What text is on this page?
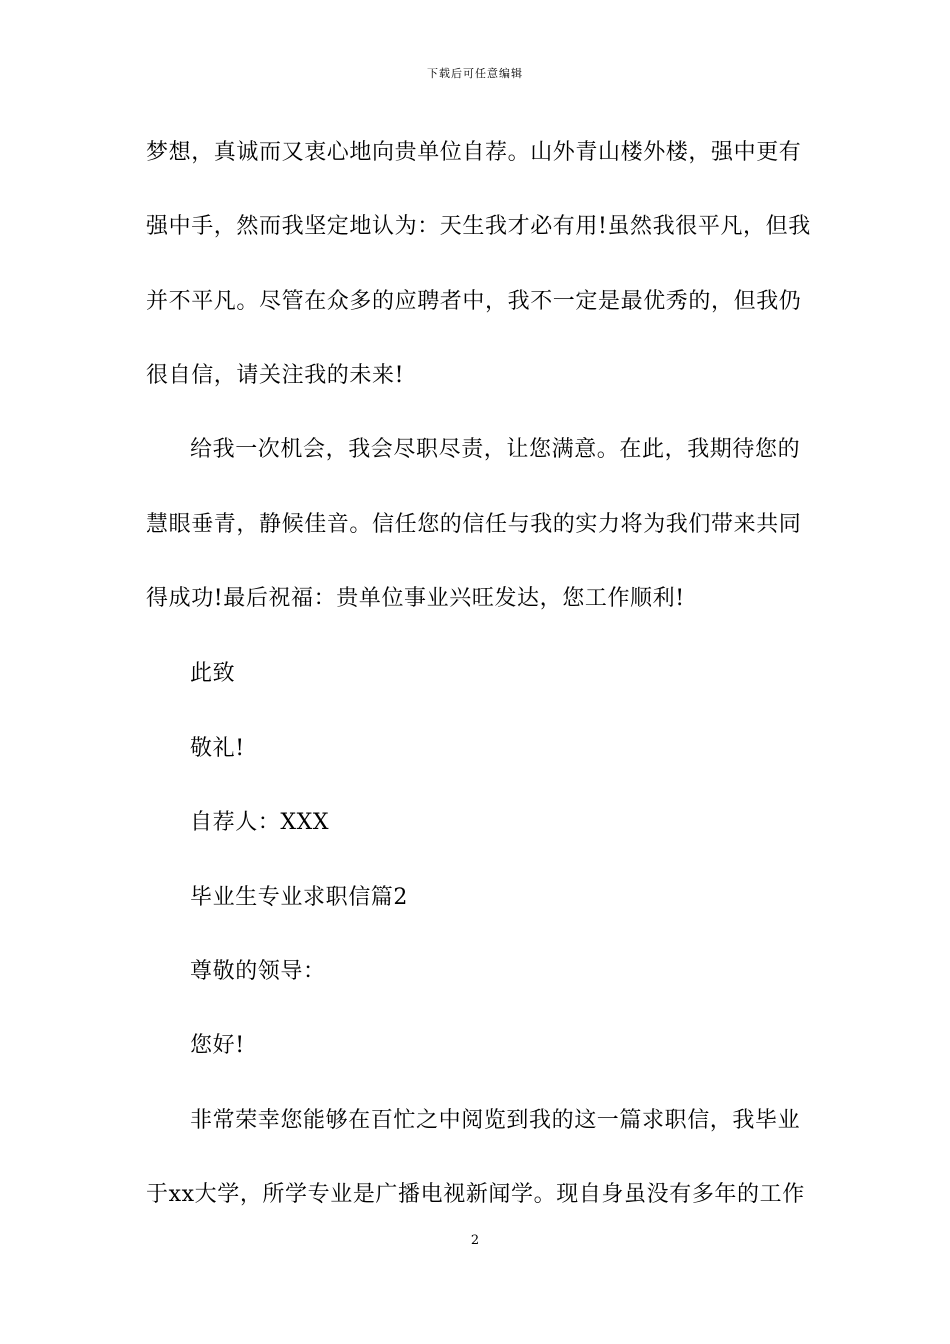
下载后可任意编辑
梦想，真诚而又衷心地向贵单位自荐。山外青山楼外楼，强中更有
强中手，然而我坚定地认为：天生我才必有用!虽然我很平凡，但我
并不平凡。尽管在众多的应聘者中，我不一定是最优秀的，但我仍
很自信，请关注我的未来!
给我一次机会，我会尽职尽责，让您满意。在此，我期待您的
慧眼垂青，静候佳音。信任您的信任与我的实力将为我们带来共同
得成功!最后祝福：贵单位事业兴旺发达，您工作顺利!
此致
敬礼!
自荐人：XXX
毕业生专业求职信篇2
尊敬的领导：
您好!
非常荣幸您能够在百忙之中阅览到我的这一篇求职信，我毕业
于xx大学，所学专业是广播电视新闻学。现自身虽没有多年的工作
2
